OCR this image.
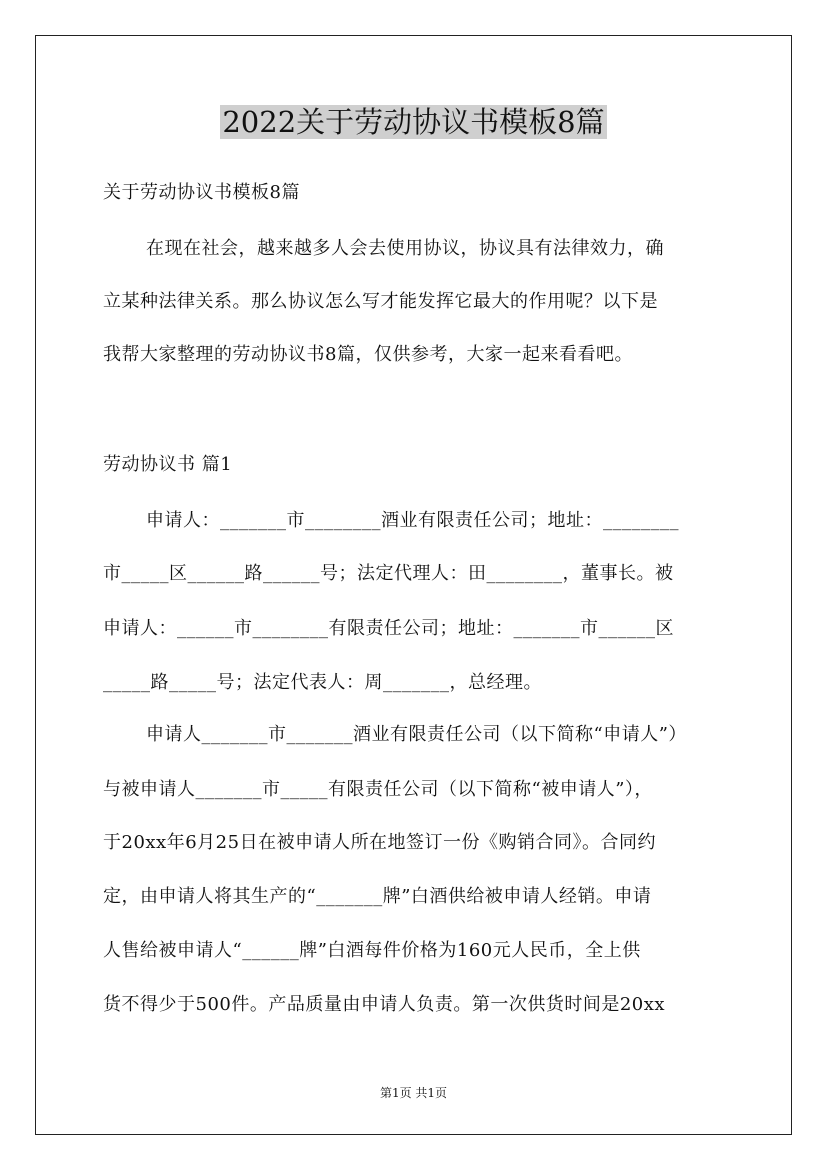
2022关于劳动协议书模板8篇
关于劳动协议书模板8篇
在现在社会，越来越多人会去使用协议，协议具有法律效力，确
立某种法律关系。那么协议怎么写才能发挥它最大的作用呢？以下是
我帮大家整理的劳动协议书8篇，仅供参考，大家一起来看看吧。
劳动协议书 篇1
申请人：_______市________酒业有限责任公司；地址：________
市_____区______路______号；法定代理人：田________，董事长。被
申请人：______市________有限责任公司；地址：_______市______区
_____路_____号；法定代表人：周_______，总经理。
申请人_______市_______酒业有限责任公司（以下简称“申请人”）
与被申请人_______市_____有限责任公司（以下简称“被申请人”），
于20xx年6月25日在被申请人所在地签订一份《购销合同》。合同约
定，由申请人将其生产的“_______牌”白酒供给被申请人经销。申请
人售给被申请人“______牌”白酒每件价格为160元人民币，全上供
货不得少于500件。产品质量由申请人负责。第一次供货时间是20xx
第1页 共1页
